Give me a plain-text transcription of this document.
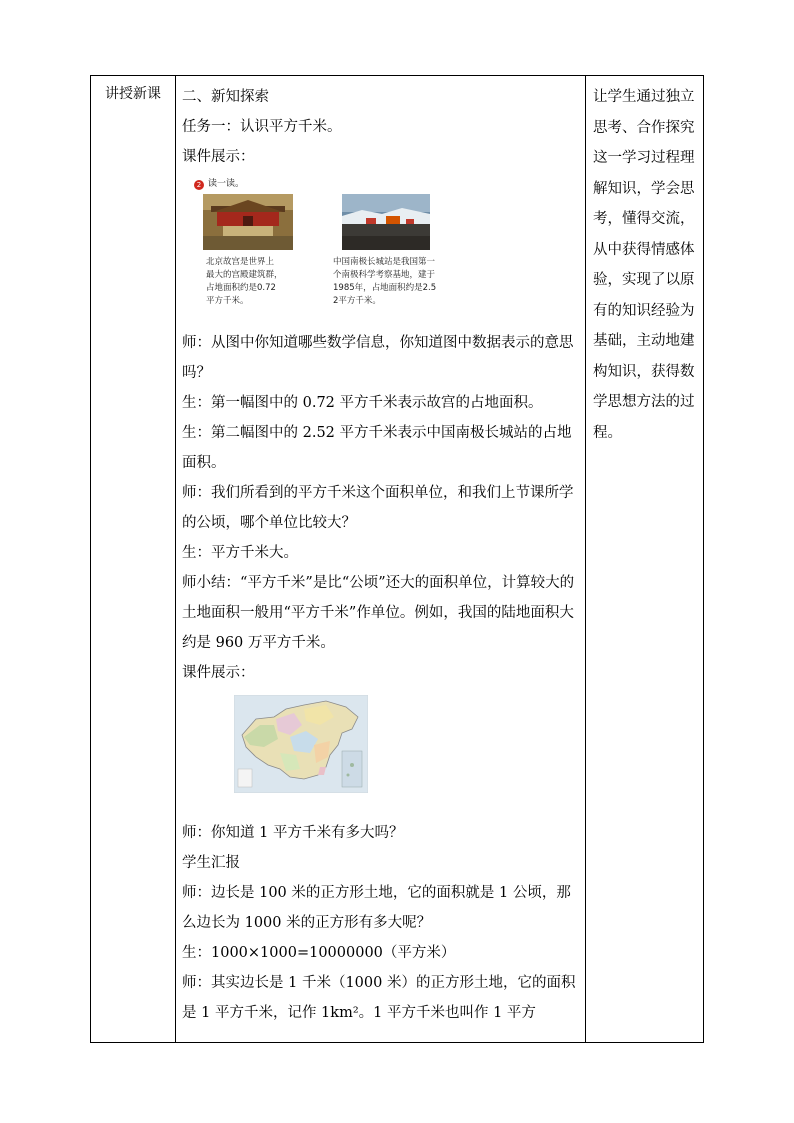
讲授新课	二、新知探索

任务一：认识平方千米。

课件展示：

2 读一读。
北京故宫是世界上
最大的宫殿建筑群，
占地面积约是0.72
平方千米。
中国南极长城站是我国第一
个南极科学考察基地，建于
1985年，占地面积约是2.5
2平方千米。

师：从图中你知道哪些数学信息，你知道图中数据表示的意思吗？

生：第一幅图中的 0.72 平方千米表示故宫的占地面积。

生：第二幅图中的 2.52 平方千米表示中国南极长城站的占地面积。

师：我们所看到的平方千米这个面积单位，和我们上节课所学的公顷，哪个单位比较大？

生：平方千米大。

师小结：“平方千米”是比“公顷”还大的面积单位，计算较大的土地面积一般用“平方千米”作单位。例如，我国的陆地面积大约是 960 万平方千米。

课件展示：

师：你知道 1 平方千米有多大吗？

学生汇报

师：边长是 100 米的正方形土地，它的面积就是 1 公顷，那么边长为 1000 米的正方形有多大呢？

生：1000×1000=10000000（平方米）

师：其实边长是 1 千米（1000 米）的正方形土地，它的面积是 1 平方千米，记作 1km²。1 平方千米也叫作 1 平方

让学生通过独立思考、合作探究这一学习过程理解知识，学会思考，懂得交流，从中获得情感体验，实现了以原有的知识经验为基础，主动地建构知识，获得数学思想方法的过程。
